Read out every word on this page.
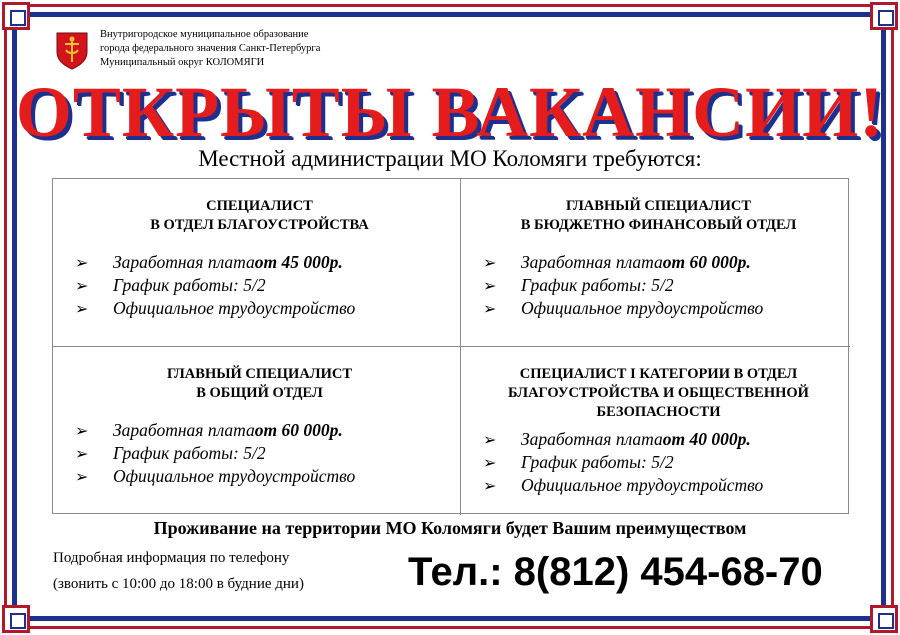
Внутригородское муниципальное образование
города федерального значения Санкт-Петербурга
Муниципальный округ КОЛОМЯГИ
ОТКРЫТЫ ВАКАНСИИ!
Местной администрации МО Коломяги требуются:
СПЕЦИАЛИСТ
В ОТДЕЛ БЛАГОУСТРОЙСТВА
➢	Заработная плата от 45 000р.
➢	График работы: 5/2
➢	Официальное трудоустройство
ГЛАВНЫЙ СПЕЦИАЛИСТ
В БЮДЖЕТНО ФИНАНСОВЫЙ ОТДЕЛ
➢	Заработная плата от 60 000р.
➢	График работы: 5/2
➢	Официальное трудоустройство
ГЛАВНЫЙ СПЕЦИАЛИСТ
В ОБЩИЙ ОТДЕЛ
➢	Заработная плата от 60 000р.
➢	График работы: 5/2
➢	Официальное трудоустройство
СПЕЦИАЛИСТ I КАТЕГОРИИ В ОТДЕЛ
БЛАГОУСТРОЙСТВА И ОБЩЕСТВЕННОЙ
БЕЗОПАСНОСТИ
➢	Заработная плата от 40 000р.
➢	График работы: 5/2
➢	Официальное трудоустройство
Проживание на территории МО Коломяги будет Вашим преимуществом
Подробная информация по телефону
(звонить с 10:00 до 18:00 в будние дни)	Тел.: 8(812) 454-68-70
